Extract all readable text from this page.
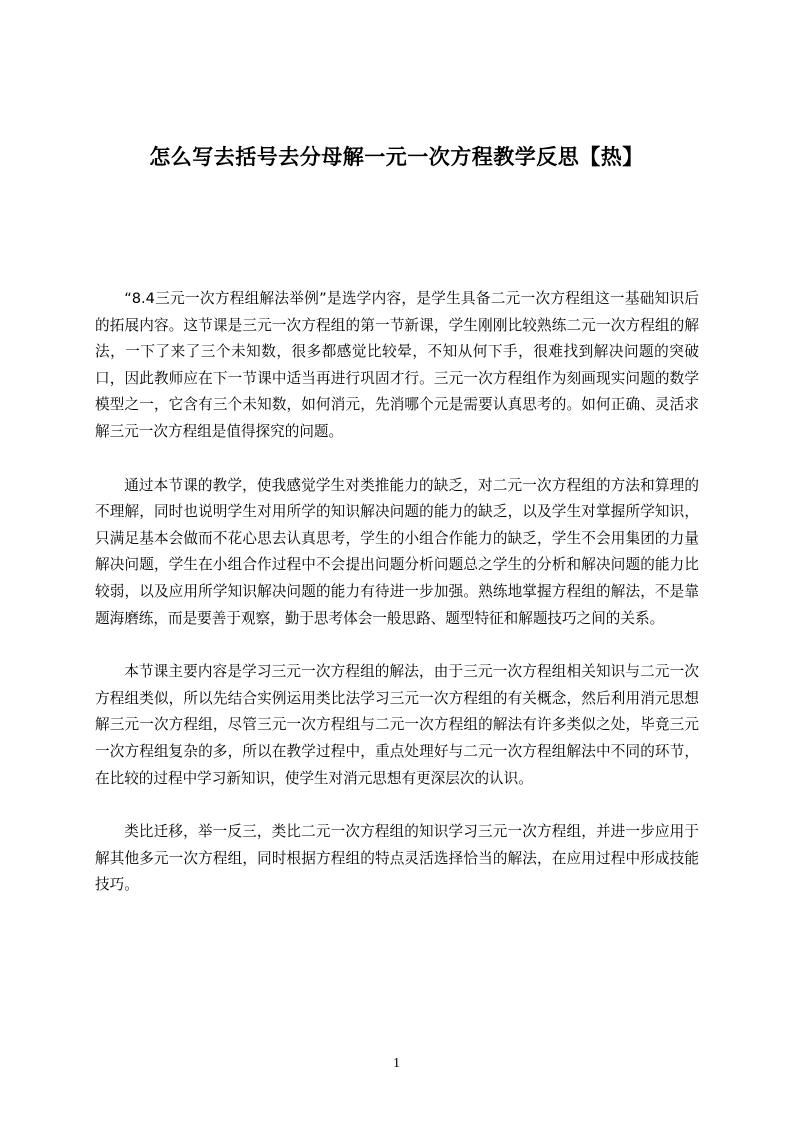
怎么写去括号去分母解一元一次方程教学反思【热】

“8.4三元一次方程组解法举例”是选学内容，是学生具备二元一次方程组这一基础知识后的拓展内容。这节课是三元一次方程组的第一节新课，学生刚刚比较熟练二元一次方程组的解法，一下了来了三个未知数，很多都感觉比较晕，不知从何下手，很难找到解决问题的突破口，因此教师应在下一节课中适当再进行巩固才行。三元一次方程组作为刻画现实问题的数学模型之一，它含有三个未知数，如何消元，先消哪个元是需要认真思考的。如何正确、灵活求解三元一次方程组是值得探究的问题。

通过本节课的教学，使我感觉学生对类推能力的缺乏，对二元一次方程组的方法和算理的不理解，同时也说明学生对用所学的知识解决问题的能力的缺乏，以及学生对掌握所学知识，只满足基本会做而不花心思去认真思考，学生的小组合作能力的缺乏，学生不会用集团的力量解决问题，学生在小组合作过程中不会提出问题分析问题总之学生的分析和解决问题的能力比较弱，以及应用所学知识解决问题的能力有待进一步加强。熟练地掌握方程组的解法，不是靠题海磨练，而是要善于观察，勤于思考体会一般思路、题型特征和解题技巧之间的关系。

本节课主要内容是学习三元一次方程组的解法，由于三元一次方程组相关知识与二元一次方程组类似，所以先结合实例运用类比法学习三元一次方程组的有关概念，然后利用消元思想解三元一次方程组，尽管三元一次方程组与二元一次方程组的解法有许多类似之处，毕竟三元一次方程组复杂的多，所以在教学过程中，重点处理好与二元一次方程组解法中不同的环节，在比较的过程中学习新知识，使学生对消元思想有更深层次的认识。

类比迁移，举一反三，类比二元一次方程组的知识学习三元一次方程组，并进一步应用于解其他多元一次方程组，同时根据方程组的特点灵活选择恰当的解法，在应用过程中形成技能技巧。

1
